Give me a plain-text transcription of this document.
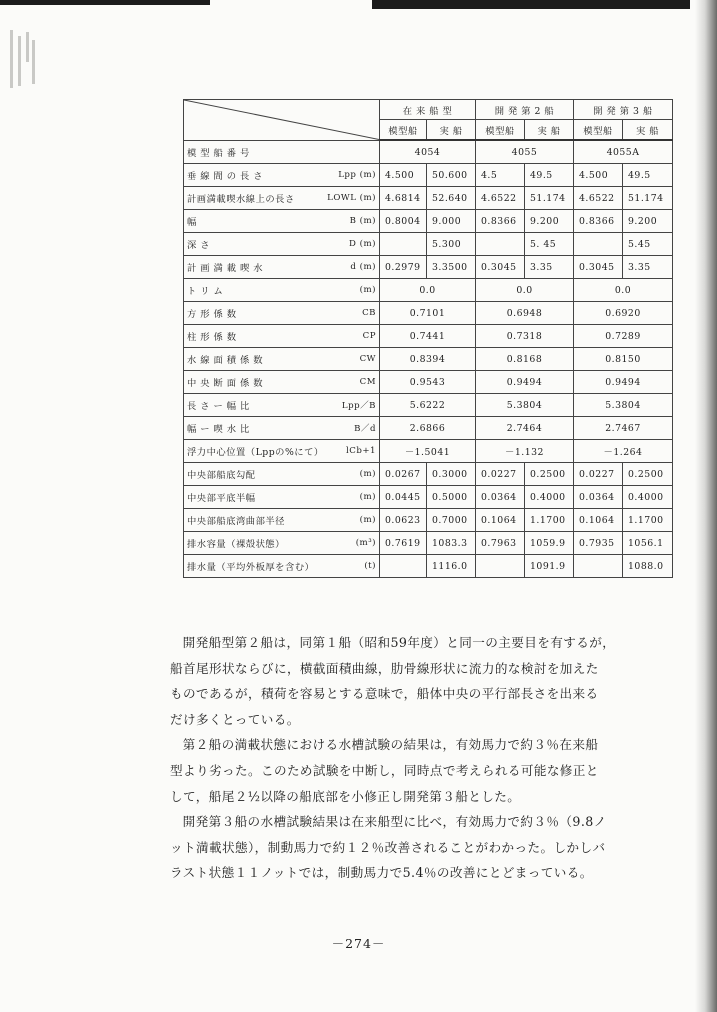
	在 来 船 型		開 発 第 2 船		開 発 第 3 船	
	模型船	実 船	模型船	実 船	模型船	実 船

模 型 船 番 号	4054		4055		4055A	

垂 線 間 の 長 さ Lpp (m)	4.500	50.600	4.5	49.5	4.500	49.5

計画満載喫水線上の長さ LOWL (m)	4.6814	52.640	4.6522	51.174	4.6522	51.174

幅 B (m)	0.8004	9.000	0.8366	9.200	0.8366	9.200

深 さ D (m)		5.300		5. 45		5.45

計 画 満 載 喫 水 d (m)	0.2979	3.3500	0.3045	3.35	0.3045	3.35

ト リ ム (m)	0.0		0.0		0.0	

方 形 係 数 CB	0.7101		0.6948		0.6920	

柱 形 係 数 CP	0.7441		0.7318		0.7289	

水 線 面 積 係 数 CW	0.8394		0.8168		0.8150	

中 央 断 面 係 数 CM	0.9543		0.9494		0.9494	

長 さ ー 幅 比 Lpp／B	5.6222		5.3804		5.3804	

幅 ー 喫 水 比 B／d	2.6866		2.7464		2.7467	

浮力中心位置（Lppの%にて） lCb+1	－1.5041		－1.132		－1.264	

中央部船底勾配 (m)	0.0267	0.3000	0.0227	0.2500	0.0227	0.2500

中央部平底半幅 (m)	0.0445	0.5000	0.0364	0.4000	0.0364	0.4000

中央部船底湾曲部半径 (m)	0.0623	0.7000	0.1064	1.1700	0.1064	1.1700

排水容量（裸殻状態） (m³)	0.7619	1083.3	0.7963	1059.9	0.7935	1056.1

排水量（平均外板厚を含む） (t)		1116.0		1091.9		1088.0

開発船型第２船は，同第１船（昭和59年度）と同一の主要目を有するが，
船首尾形状ならびに，横截面積曲線，肋骨線形状に流力的な検討を加えた
ものであるが，積荷を容易とする意味で，船体中央の平行部長さを出来る
だけ多くとっている。

第２船の満載状態における水槽試験の結果は，有効馬力で約３％在来船
型より劣った。このため試験を中断し，同時点で考えられる可能な修正と
して，船尾２½以降の船底部を小修正し開発第３船とした。

開発第３船の水槽試験結果は在来船型に比べ，有効馬力で約３％（9.8ノ
ット満載状態），制動馬力で約１２％改善されることがわかった。しかしバ
ラスト状態１１ノットでは，制動馬力で5.4％の改善にとどまっている。

－274－
